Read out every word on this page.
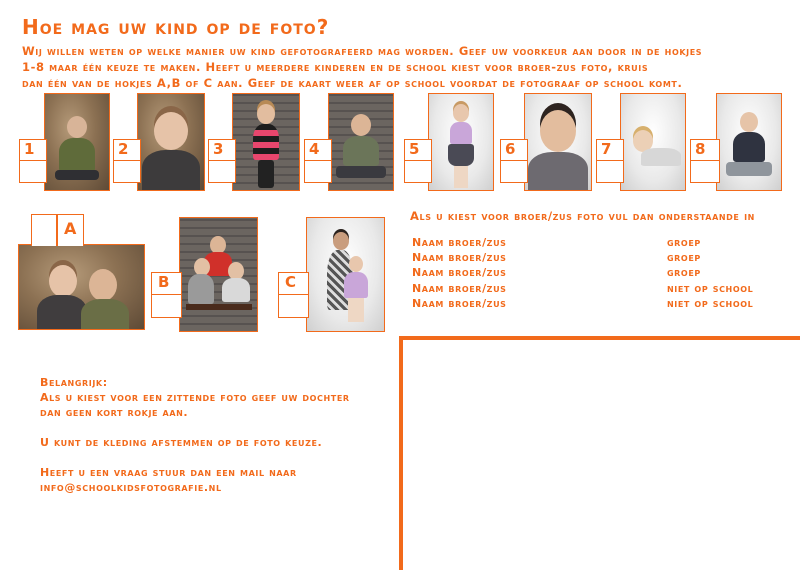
Hoe mag uw kind op de foto?
Wij willen weten op welke manier uw kind gefotografeerd mag worden. Geef uw voorkeur aan door in de hokjes
1-8 maar één keuze te maken. Heeft u meerdere kinderen en de school kiest voor broer-zus foto, kruis
dan één van de hokjes A,B of C aan. Geef de kaart weer af op school voordat de fotograaf op school komt.
1	2	3	4	5	6	7	8
A
B	C
Als u kiest voor broer/zus foto vul dan onderstaande in
Naam broer/zus	groep
Naam broer/zus	groep
Naam broer/zus	groep
Naam broer/zus	niet op school
Naam broer/zus	niet op school
Belangrijk:
Als u kiest voor een zittende foto geef uw dochter
dan geen kort rokje aan.
U kunt de kleding afstemmen op de foto keuze.
Heeft u een vraag stuur dan een mail naar
info@schoolkidsfotografie.nl
